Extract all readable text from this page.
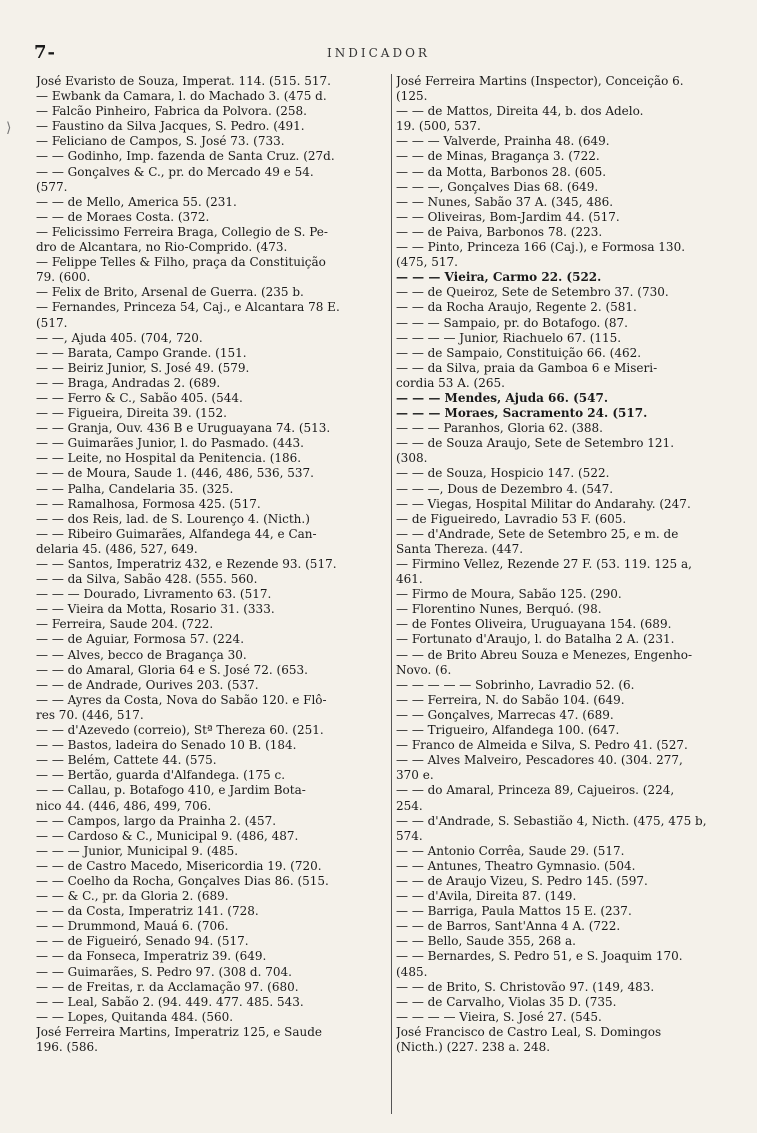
7-	INDICADOR
⟩
José Evaristo de Souza, Imperat. 114. (515. 517.
— Ewbank da Camara, l. do Machado 3. (475 d.
— Falcão Pinheiro, Fabrica da Polvora. (258.
— Faustino da Silva Jacques, S. Pedro. (491.
— Feliciano de Campos, S. José 73. (733.
— — Godinho, Imp. fazenda de Santa Cruz. (27d.
— — Gonçalves & C., pr. do Mercado 49 e 54.
(577.
— — de Mello, America 55. (231.
— — de Moraes Costa. (372.
— Felicissimo Ferreira Braga, Collegio de S. Pe-
dro de Alcantara, no Rio-Comprido. (473.
— Felippe Telles & Filho, praça da Constituição
79. (600.
— Felix de Brito, Arsenal de Guerra. (235 b.
— Fernandes, Princeza 54, Caj., e Alcantara 78 E.
(517.
— —, Ajuda 405. (704, 720.
— — Barata, Campo Grande. (151.
— — Beiriz Junior, S. José 49. (579.
— — Braga, Andradas 2. (689.
— — Ferro & C., Sabão 405. (544.
— — Figueira, Direita 39. (152.
— — Granja, Ouv. 436 B e Uruguayana 74. (513.
— — Guimarães Junior, l. do Pasmado. (443.
— — Leite, no Hospital da Penitencia. (186.
— — de Moura, Saude 1. (446, 486, 536, 537.
— — Palha, Candelaria 35. (325.
— — Ramalhosa, Formosa 425. (517.
— — dos Reis, lad. de S. Lourenço 4. (Nicth.)
— — Ribeiro Guimarães, Alfandega 44, e Can-
delaria 45. (486, 527, 649.
— — Santos, Imperatriz 432, e Rezende 93. (517.
— — da Silva, Sabão 428. (555. 560.
— — — Dourado, Livramento 63. (517.
— — Vieira da Motta, Rosario 31. (333.
— Ferreira, Saude 204. (722.
— — de Aguiar, Formosa 57. (224.
— — Alves, becco de Bragança 30.
— — do Amaral, Gloria 64 e S. José 72. (653.
— — de Andrade, Ourives 203. (537.
— — Ayres da Costa, Nova do Sabão 120. e Flô-
res 70. (446, 517.
— — d'Azevedo (correio), Stª Thereza 60. (251.
— — Bastos, ladeira do Senado 10 B. (184.
— — Belém, Cattete 44. (575.
— — Bertão, guarda d'Alfandega. (175 c.
— — Callau, p. Botafogo 410, e Jardim Bota-
nico 44. (446, 486, 499, 706.
— — Campos, largo da Prainha 2. (457.
— — Cardoso & C., Municipal 9. (486, 487.
— — — Junior, Municipal 9. (485.
— — de Castro Macedo, Misericordia 19. (720.
— — Coelho da Rocha, Gonçalves Dias 86. (515.
— — & C., pr. da Gloria 2. (689.
— — da Costa, Imperatriz 141. (728.
— — Drummond, Mauá 6. (706.
— — de Figueiró, Senado 94. (517.
— — da Fonseca, Imperatriz 39. (649.
— — Guimarães, S. Pedro 97. (308 d. 704.
— — de Freitas, r. da Acclamação 97. (680.
— — Leal, Sabão 2. (94. 449. 477. 485. 543.
— — Lopes, Quitanda 484. (560.
José Ferreira Martins, Imperatriz 125, e Saude
196. (586.
José Ferreira Martins (Inspector), Conceição 6.
(125.
— — de Mattos, Direita 44, b. dos Adelo.
19. (500, 537.
— — — Valverde, Prainha 48. (649.
— — de Minas, Bragança 3. (722.
— — da Motta, Barbonos 28. (605.
— — —, Gonçalves Dias 68. (649.
— — Nunes, Sabão 37 A. (345, 486.
— — Oliveiras, Bom-Jardim 44. (517.
— — de Paiva, Barbonos 78. (223.
— — Pinto, Princeza 166 (Caj.), e Formosa 130.
(475, 517.
— — — Vieira, Carmo 22. (522.
— — de Queiroz, Sete de Setembro 37. (730.
— — da Rocha Araujo, Regente 2. (581.
— — — Sampaio, pr. do Botafogo. (87.
— — — — Junior, Riachuelo 67. (115.
— — de Sampaio, Constituição 66. (462.
— — da Silva, praia da Gamboa 6 e Miseri-
cordia 53 A. (265.
— — — Mendes, Ajuda 66. (547.
— — — Moraes, Sacramento 24. (517.
— — — Paranhos, Gloria 62. (388.
— — de Souza Araujo, Sete de Setembro 121.
(308.
— — de Souza, Hospicio 147. (522.
— — —, Dous de Dezembro 4. (547.
— — Viegas, Hospital Militar do Andarahy. (247.
— de Figueiredo, Lavradio 53 F. (605.
— — d'Andrade, Sete de Setembro 25, e m. de
Santa Thereza. (447.
— Firmino Vellez, Rezende 27 F. (53. 119. 125 a,
461.
— Firmo de Moura, Sabão 125. (290.
— Florentino Nunes, Berquó. (98.
— de Fontes Oliveira, Uruguayana 154. (689.
— Fortunato d'Araujo, l. do Batalha 2 A. (231.
— — de Brito Abreu Souza e Menezes, Engenho-
Novo. (6.
— — — — — Sobrinho, Lavradio 52. (6.
— — Ferreira, N. do Sabão 104. (649.
— — Gonçalves, Marrecas 47. (689.
— — Trigueiro, Alfandega 100. (647.
— Franco de Almeida e Silva, S. Pedro 41. (527.
— — Alves Malveiro, Pescadores 40. (304. 277,
370 e.
— — do Amaral, Princeza 89, Cajueiros. (224,
254.
— — d'Andrade, S. Sebastião 4, Nicth. (475, 475 b,
574.
— — Antonio Corrêa, Saude 29. (517.
— — Antunes, Theatro Gymnasio. (504.
— — de Araujo Vizeu, S. Pedro 145. (597.
— — d'Avila, Direita 87. (149.
— — Barriga, Paula Mattos 15 E. (237.
— — de Barros, Sant'Anna 4 A. (722.
— — Bello, Saude 355, 268 a.
— — Bernardes, S. Pedro 51, e S. Joaquim 170.
(485.
— — de Brito, S. Christovão 97. (149, 483.
— — de Carvalho, Violas 35 D. (735.
— — — — Vieira, S. José 27. (545.
José Francisco de Castro Leal, S. Domingos
(Nicth.) (227. 238 a. 248.
